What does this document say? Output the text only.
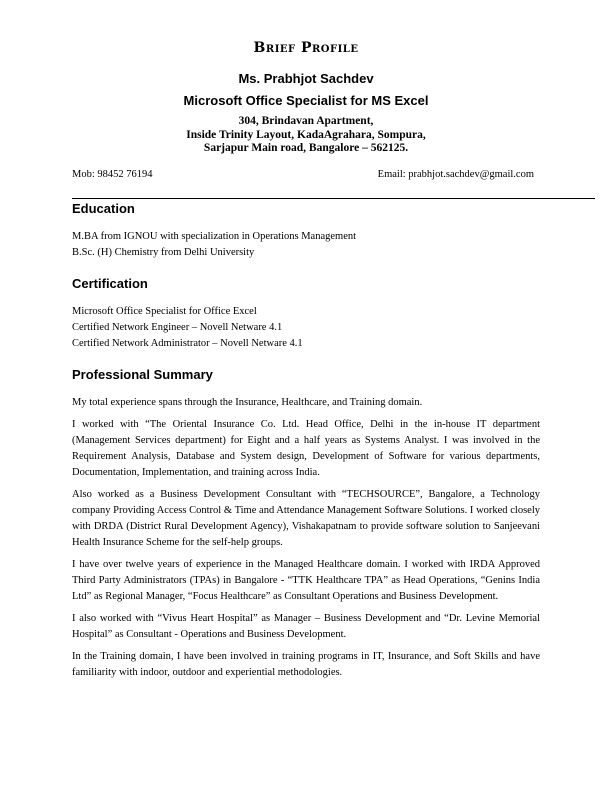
Brief Profile
Ms. Prabhjot Sachdev
Microsoft Office Specialist for MS Excel
304, Brindavan Apartment,
Inside Trinity Layout, KadaAgrahara, Sompura,
Sarjapur Main road, Bangalore – 562125.
Mob: 98452 76194	Email: prabhjot.sachdev@gmail.com
Education
M.BA from IGNOU with specialization in Operations Management
B.Sc. (H) Chemistry from Delhi University
Certification
Microsoft Office Specialist for Office Excel
Certified Network Engineer – Novell Netware 4.1
Certified Network Administrator – Novell Netware 4.1
Professional Summary

My total experience spans through the Insurance, Healthcare, and Training domain.

I worked with “The Oriental Insurance Co. Ltd. Head Office, Delhi in the in-house IT department (Management Services department) for Eight and a half years as Systems Analyst. I was involved in the Requirement Analysis, Database and System design, Development of Software for various departments, Documentation, Implementation, and training across India.

Also worked as a Business Development Consultant with “TECHSOURCE”, Bangalore, a Technology company Providing Access Control & Time and Attendance Management Software Solutions. I worked closely with DRDA (District Rural Development Agency), Vishakapatnam to provide software solution to Sanjeevani Health Insurance Scheme for the self-help groups.

I have over twelve years of experience in the Managed Healthcare domain. I worked with IRDA Approved Third Party Administrators (TPAs) in Bangalore - “TTK Healthcare TPA” as Head Operations, “Genins India Ltd” as Regional Manager, “Focus Healthcare” as Consultant Operations and Business Development.

I also worked with “Vivus Heart Hospital” as Manager – Business Development and “Dr. Levine Memorial Hospital” as Consultant - Operations and Business Development.

In the Training domain, I have been involved in training programs in IT, Insurance, and Soft Skills and have familiarity with indoor, outdoor and experiential methodologies.
